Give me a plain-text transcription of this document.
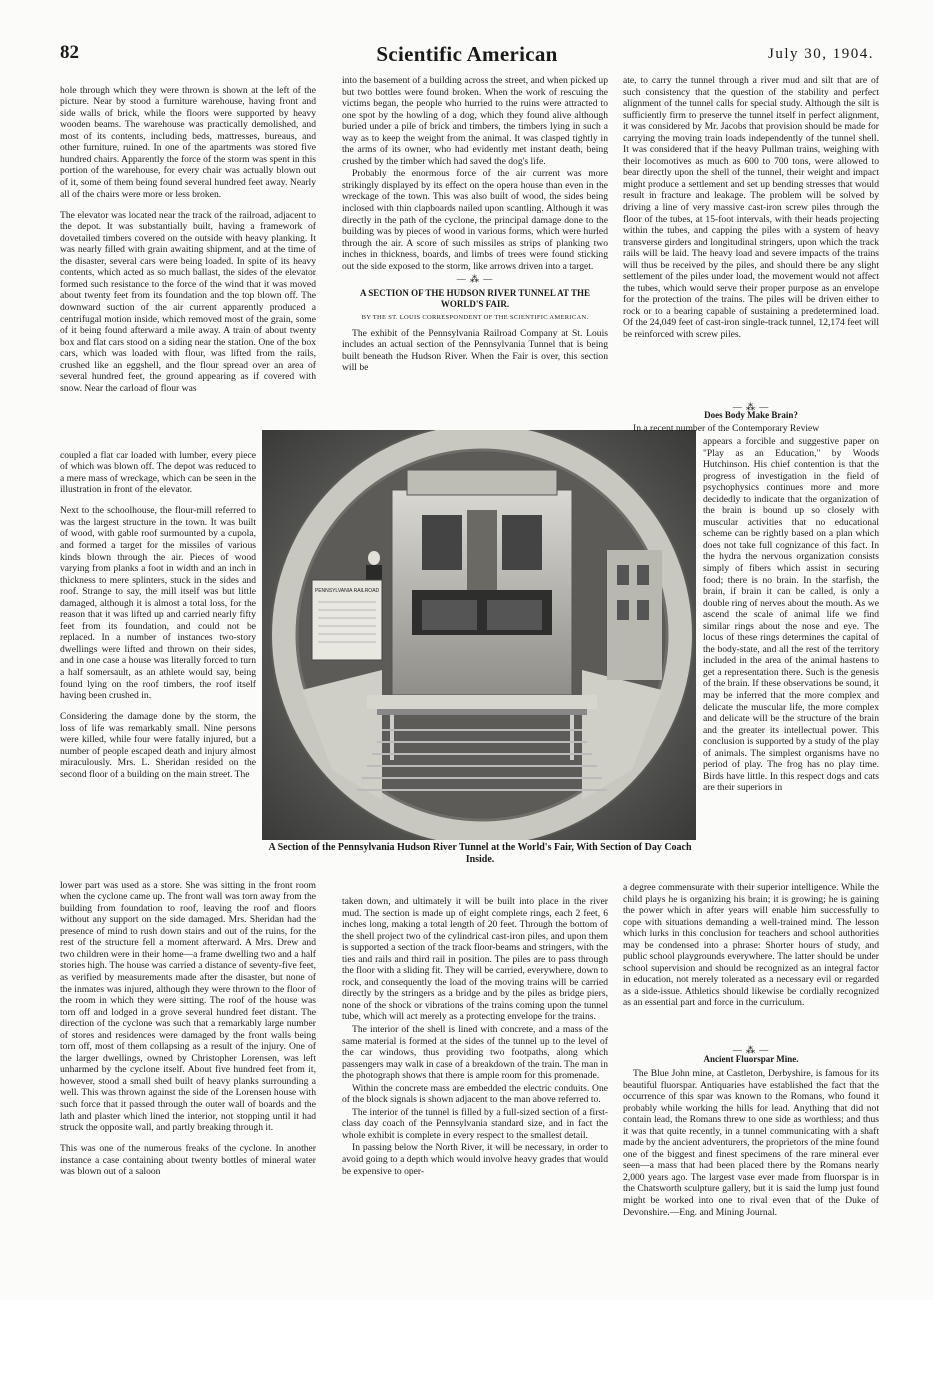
82	Scientific American	July 30, 1904.

hole through which they were thrown is shown at the left of the picture. Near by stood a furniture warehouse, having front and side walls of brick, while the floors were supported by heavy wooden beams. The warehouse was practically demolished, and most of its contents, including beds, mattresses, bureaus, and other furniture, ruined. In one of the apartments was stored five hundred chairs. Apparently the force of the storm was spent in this portion of the warehouse, for every chair was actually blown out of it, some of them being found several hundred feet away. Nearly all of the chairs were more or less broken.

The elevator was located near the track of the railroad, adjacent to the depot. It was substantially built, having a framework of dovetailed timbers covered on the outside with heavy planking. It was nearly filled with grain awaiting shipment, and at the time of the disaster, several cars were being loaded. In spite of its heavy contents, which acted as so much ballast, the sides of the elevator formed such resistance to the force of the wind that it was moved about twenty feet from its foundation and the top blown off. The downward suction of the air current apparently produced a centrifugal motion inside, which removed most of the grain, some of it being found afterward a mile away. A train of about twenty box and flat cars stood on a siding near the station. One of the box cars, which was loaded with flour, was lifted from the rails, crushed like an eggshell, and the flour spread over an area of several hundred feet, the ground appearing as if covered with snow. Near the carload of flour was

coupled a flat car loaded with lumber, every piece of which was blown off. The depot was reduced to a mere mass of wreckage, which can be seen in the illustration in front of the elevator.

Next to the schoolhouse, the flour-mill referred to was the largest structure in the town. It was built of wood, with gable roof surmounted by a cupola, and formed a target for the missiles of various kinds blown through the air. Pieces of wood varying from planks a foot in width and an inch in thickness to mere splinters, stuck in the sides and roof. Strange to say, the mill itself was but little damaged, although it is almost a total loss, for the reason that it was lifted up and carried nearly fifty feet from its foundation, and could not be replaced. In a number of instances two-story dwellings were lifted and thrown on their sides, and in one case a house was literally forced to turn a half somersault, as an athlete would say, being found lying on the roof timbers, the roof itself having been crushed in.

Considering the damage done by the storm, the loss of life was remarkably small. Nine persons were killed, while four were fatally injured, but a number of people escaped death and injury almost miraculously. Mrs. L. Sheridan resided on the second floor of a building on the main street. The

lower part was used as a store. She was sitting in the front room when the cyclone came up. The front wall was torn away from the building from foundation to roof, leaving the roof and floors without any support on the side damaged. Mrs. Sheridan had the presence of mind to rush down stairs and out of the ruins, for the rest of the structure fell a moment afterward. A Mrs. Drew and two children were in their home—a frame dwelling two and a half stories high. The house was carried a distance of seventy-five feet, as verified by measurements made after the disaster, but none of the inmates was injured, although they were thrown to the floor of the room in which they were sitting. The roof of the house was torn off and lodged in a grove several hundred feet distant. The direction of the cyclone was such that a remarkably large number of stores and residences were damaged by the front walls being torn off, most of them collapsing as a result of the injury. One of the larger dwellings, owned by Christopher Lorensen, was left unharmed by the cyclone itself. About five hundred feet from it, however, stood a small shed built of heavy planks surrounding a well. This was thrown against the side of the Lorensen house with such force that it passed through the outer wall of boards and the lath and plaster which lined the interior, not stopping until it had struck the opposite wall, and partly breaking through it.

This was one of the numerous freaks of the cyclone. In another instance a case containing about twenty bottles of mineral water was blown out of a saloon

into the basement of a building across the street, and when picked up but two bottles were found broken. When the work of rescuing the victims began, the people who hurried to the ruins were attracted to one spot by the howling of a dog, which they found alive although buried under a pile of brick and timbers, the timbers lying in such a way as to keep the weight from the animal. It was clasped tightly in the arms of its owner, who had evidently met instant death, being crushed by the timber which had saved the dog's life.

Probably the enormous force of the air current was more strikingly displayed by its effect on the opera house than even in the wreckage of the town. This was also built of wood, the sides being inclosed with thin clapboards nailed upon scantling. Although it was directly in the path of the cyclone, the principal damage done to the building was by pieces of wood in various forms, which were hurled through the air. A score of such missiles as strips of planking two inches in thickness, boards, and limbs of trees were found sticking out the side exposed to the storm, like arrows driven into a target.

— ⁂ —
A SECTION OF THE HUDSON RIVER TUNNEL AT THE WORLD'S FAIR.
BY THE ST. LOUIS CORRESPONDENT OF THE SCIENTIFIC AMERICAN.

The exhibit of the Pennsylvania Railroad Company at St. Louis includes an actual section of the Pennsylvania Tunnel that is being built beneath the Hudson River. When the Fair is over, this section will be

PENNSYLVANIA RAILROAD
A Section of the Pennsylvania Hudson River Tunnel at the World's Fair, With Section of Day Coach Inside.

taken down, and ultimately it will be built into place in the river mud. The section is made up of eight complete rings, each 2 feet, 6 inches long, making a total length of 20 feet. Through the bottom of the shell project two of the cylindrical cast-iron piles, and upon them is supported a section of the track floor-beams and stringers, with the ties and rails and third rail in position. The piles are to pass through the floor with a sliding fit. They will be carried, everywhere, down to rock, and consequently the load of the moving trains will be carried directly by the stringers as a bridge and by the piles as bridge piers, none of the shock or vibrations of the trains coming upon the tunnel tube, which will act merely as a protecting envelope for the trains.

The interior of the shell is lined with concrete, and a mass of the same material is formed at the sides of the tunnel up to the level of the car windows, thus providing two footpaths, along which passengers may walk in case of a breakdown of the train. The man in the photograph shows that there is ample room for this promenade.

Within the concrete mass are embedded the electric conduits. One of the block signals is shown adjacent to the man above referred to.

The interior of the tunnel is filled by a full-sized section of a first-class day coach of the Pennsylvania standard size, and in fact the whole exhibit is complete in every respect to the smallest detail.

In passing below the North River, it will be necessary, in order to avoid going to a depth which would involve heavy grades that would be expensive to oper-

ate, to carry the tunnel through a river mud and silt that are of such consistency that the question of the stability and perfect alignment of the tunnel calls for special study. Although the silt is sufficiently firm to preserve the tunnel itself in perfect alignment, it was considered by Mr. Jacobs that provision should be made for carrying the moving train loads independently of the tunnel shell. It was considered that if the heavy Pullman trains, weighing with their locomotives as much as 600 to 700 tons, were allowed to bear directly upon the shell of the tunnel, their weight and impact might produce a settlement and set up bending stresses that would result in fracture and leakage. The problem will be solved by driving a line of very massive cast-iron screw piles through the floor of the tubes, at 15-foot intervals, with their heads projecting within the tubes, and capping the piles with a system of heavy transverse girders and longitudinal stringers, upon which the track rails will be laid. The heavy load and severe impacts of the trains will thus be received by the piles, and should there be any slight settlement of the piles under load, the movement would not affect the tubes, which would serve their proper purpose as an envelope for the protection of the trains. The piles will be driven either to rock or to a bearing capable of sustaining a predetermined load. Of the 24,049 feet of cast-iron single-track tunnel, 12,174 feet will be reinforced with screw piles.

— ⁂ —
Does Body Make Brain?

In a recent number of the Contemporary Review

appears a forcible and suggestive paper on "Play as an Education," by Woods Hutchinson. His chief contention is that the progress of investigation in the field of psychophysics continues more and more decidedly to indicate that the organization of the brain is bound up so closely with muscular activities that no educational scheme can be rightly based on a plan which does not take full cognizance of this fact. In the hydra the nervous organization consists simply of fibers which assist in securing food; there is no brain. In the starfish, the brain, if brain it can be called, is only a double ring of nerves about the mouth. As we ascend the scale of animal life we find similar rings about the nose and eye. The locus of these rings determines the capital of the body-state, and all the rest of the territory included in the area of the animal hastens to get a representation there. Such is the genesis of the brain. If these observations be sound, it may be inferred that the more complex and delicate the muscular life, the more complex and delicate will be the structure of the brain and the greater its intellectual power. This conclusion is supported by a study of the play of animals. The simplest organisms have no period of play. The frog has no play time. Birds have little. In this respect dogs and cats are their superiors in

a degree commensurate with their superior intelligence. While the child plays he is organizing his brain; it is growing; he is gaining the power which in after years will enable him successfully to cope with situations demanding a well-trained mind. The lesson which lurks in this conclusion for teachers and school authorities may be condensed into a phrase: Shorter hours of study, and public school playgrounds everywhere. The latter should be under school supervision and should be recognized as an integral factor in education, not merely tolerated as a necessary evil or regarded as a side-issue. Athletics should likewise be cordially recognized as an essential part and force in the curriculum.

— ⁂ —
Ancient Fluorspar Mine.

The Blue John mine, at Castleton, Derbyshire, is famous for its beautiful fluorspar. Antiquaries have established the fact that the occurrence of this spar was known to the Romans, who found it probably while working the hills for lead. Anything that did not contain lead, the Romans threw to one side as worthless; and thus it was that quite recently, in a tunnel communicating with a shaft made by the ancient adventurers, the proprietors of the mine found one of the biggest and finest specimens of the rare mineral ever seen—a mass that had been placed there by the Romans nearly 2,000 years ago. The largest vase ever made from fluorspar is in the Chatsworth sculpture gallery, but it is said the lump just found might be worked into one to rival even that of the Duke of Devonshire.—Eng. and Mining Journal.
